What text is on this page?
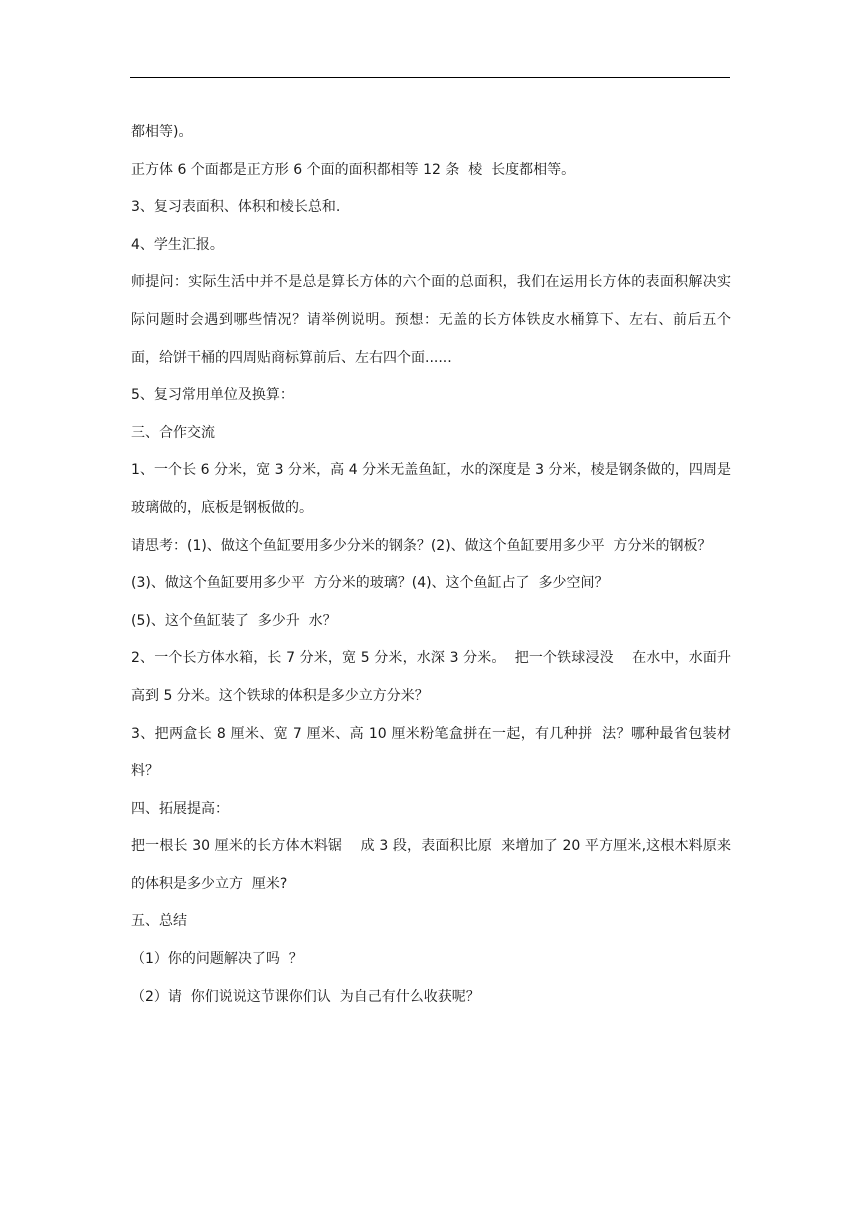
都相等)。

正方体 6 个面都是正方形 6 个面的面积都相等 12 条  棱  长度都相等。

3、复习表面积、体积和棱长总和.

4、学生汇报。

师提问：实际生活中并不是总是算长方体的六个面的总面积，我们在运用长方体的表面积解决实际问题时会遇到哪些情况？请举例说明。预想：无盖的长方体铁皮水桶算下、左右、前后五个面，给饼干桶的四周贴商标算前后、左右四个面......

5、复习常用单位及换算：

三、合作交流

1、一个长 6 分米，宽 3 分米，高 4 分米无盖鱼缸，水的深度是 3 分米，棱是钢条做的，四周是玻璃做的，底板是钢板做的。

请思考：(1)、做这个鱼缸要用多少分米的钢条？(2)、做这个鱼缸要用多少平  方分米的钢板？

(3)、做这个鱼缸要用多少平  方分米的玻璃？(4)、这个鱼缸占了  多少空间？

(5)、这个鱼缸装了  多少升  水？

2、一个长方体水箱，长 7 分米，宽 5 分米，水深 3 分米。  把一个铁球浸没    在水中，水面升高到 5 分米。这个铁球的体积是多少立方分米？

3、把两盒长 8 厘米、宽 7 厘米、高 10 厘米粉笔盒拼在一起，有几种拼  法？哪种最省包装材料？

四、拓展提高：

把一根长 30 厘米的长方体木料锯    成 3 段，表面积比原  来增加了 20 平方厘米,这根木料原来的体积是多少立方  厘米?

五、总结

（1）你的问题解决了吗  ？

（2）请  你们说说这节课你们认  为自己有什么收获呢？
